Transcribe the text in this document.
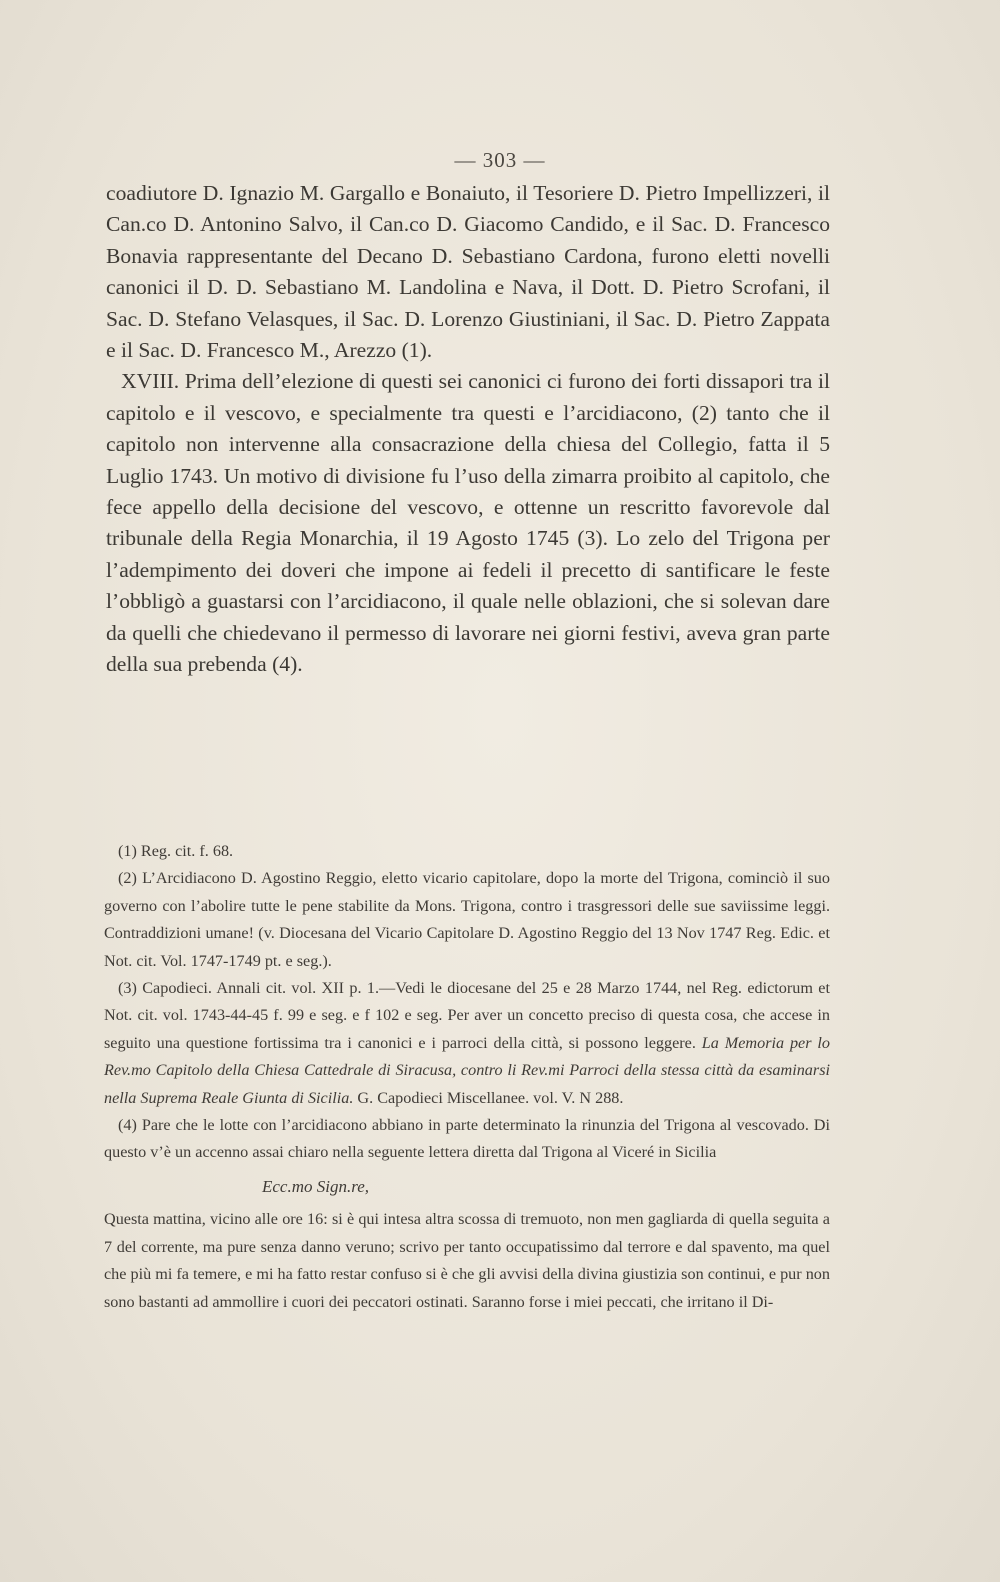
— 303 —

coadiutore D. Ignazio M. Gargallo e Bonaiuto, il Tesoriere D. Pietro Impellizzeri, il Can.co D. Antonino Salvo, il Can.co D. Giacomo Candido, e il Sac. D. Francesco Bonavia rappresentante del Decano D. Sebastiano Cardona, furono eletti novelli canonici il D. D. Sebastiano M. Landolina e Nava, il Dott. D. Pietro Scrofani, il Sac. D. Stefano Velasques, il Sac. D. Lorenzo Giustiniani, il Sac. D. Pietro Zappata e il Sac. D. Francesco M., Arezzo (1).

XVIII. Prima dell’elezione di questi sei canonici ci furono dei forti dissapori tra il capitolo e il vescovo, e specialmente tra questi e l’arcidiacono, (2) tanto che il capitolo non intervenne alla consacrazione della chiesa del Collegio, fatta il 5 Luglio 1743. Un motivo di divisione fu l’uso della zimarra proibito al capitolo, che fece appello della decisione del vescovo, e ottenne un rescritto favorevole dal tribunale della Regia Monarchia, il 19 Agosto 1745 (3). Lo zelo del Trigona per l’adempimento dei doveri che impone ai fedeli il precetto di santificare le feste l’obbligò a guastarsi con l’arcidiacono, il quale nelle oblazioni, che si solevan dare da quelli che chiedevano il permesso di lavorare nei giorni festivi, aveva gran parte della sua prebenda (4).

(1) Reg. cit. f. 68.

(2) L’Arcidiacono D. Agostino Reggio, eletto vicario capitolare, dopo la morte del Trigona, cominciò il suo governo con l’abolire tutte le pene stabilite da Mons. Trigona, contro i trasgressori delle sue saviissime leggi. Contraddizioni umane! (v. Diocesana del Vicario Capitolare D. Agostino Reggio del 13 Nov 1747 Reg. Edic. et Not. cit. Vol. 1747-1749 pt. e seg.).

(3) Capodieci. Annali cit. vol. XII p. 1.—Vedi le diocesane del 25 e 28 Marzo 1744, nel Reg. edictorum et Not. cit. vol. 1743-44-45 f. 99 e seg. e f 102 e seg. Per aver un concetto preciso di questa cosa, che accese in seguito una questione fortissima tra i canonici e i parroci della città, si possono leggere. La Memoria per lo Rev.mo Capitolo della Chiesa Cattedrale di Siracusa, contro li Rev.mi Parroci della stessa città da esaminarsi nella Suprema Reale Giunta di Sicilia. G. Capodieci Miscellanee. vol. V. N 288.

(4) Pare che le lotte con l’arcidiacono abbiano in parte determinato la rinunzia del Trigona al vescovado. Di questo v’è un accenno assai chiaro nella seguente lettera diretta dal Trigona al Viceré in Sicilia

Ecc.mo Sign.re,

Questa mattina, vicino alle ore 16: si è qui intesa altra scossa di tremuoto, non men gagliarda di quella seguita a 7 del corrente, ma pure senza danno veruno; scrivo per tanto occupatissimo dal terrore e dal spavento, ma quel che più mi fa temere, e mi ha fatto restar confuso si è che gli avvisi della divina giustizia son continui, e pur non sono bastanti ad ammollire i cuori dei peccatori ostinati. Saranno forse i miei peccati, che irritano il Di-
